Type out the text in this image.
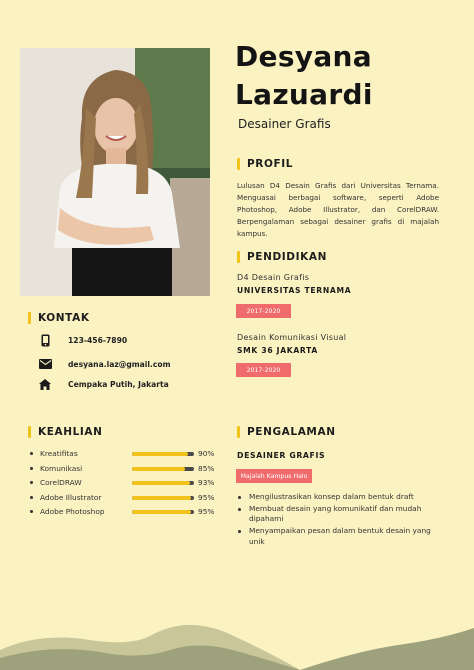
Desyana
Lazuardi
Desainer Grafis
PROFIL
Lulusan D4 Desain Grafis dari Universitas Ternama. Menguasai berbagai software, seperti Adobe Photoshop, Adobe Illustrator, dan CorelDRAW. Berpengalaman sebagai desainer grafis di majalah kampus.
PENDIDIKAN
D4 Desain Grafis
UNIVERSITAS TERNAMA
2017-2020
Desain Komunikasi Visual
SMK 36 JAKARTA
2017-2020
KONTAK
123-456-7890
desyana.laz@gmail.com
Cempaka Putih, Jakarta
KEAHLIAN
Kreatifitas	90%
Komunikasi	85%
CorelDRAW	93%
Adobe Illustrator	95%
Adobe Photoshop	95%
PENGALAMAN
DESAINER GRAFIS
Majalah Kampus Halo
Mengilustrasikan konsep dalam bentuk draft
Membuat desain yang komunikatif dan mudah dipahami
Menyampaikan pesan dalam bentuk desain yang unik
